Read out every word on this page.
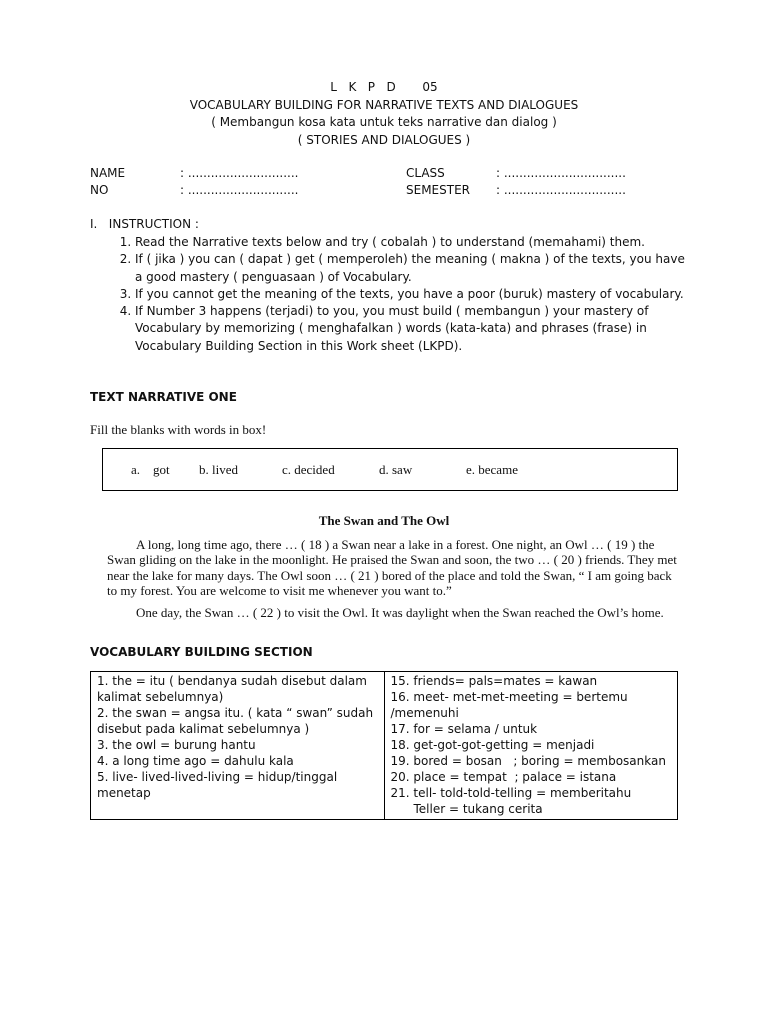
L K P D 05
VOCABULARY BUILDING FOR NARRATIVE TEXTS AND DIALOGUES
( Membangun kosa kata untuk teks narrative dan dialog )
( STORIES AND DIALOGUES )
NAME	: .............................
NO	: .............................
CLASS	: ................................
SEMESTER : ................................
I.   INSTRUCTION :
1. Read the Narrative texts below and try ( cobalah ) to understand (memahami) them.
2. If ( jika ) you can ( dapat ) get ( memperoleh) the meaning ( makna ) of the texts, you have a good mastery ( penguasaan ) of Vocabulary.
3. If you cannot get the meaning of the texts, you have a poor (buruk) mastery of vocabulary.
4. If Number 3 happens (terjadi) to you, you must build ( membangun ) your mastery of Vocabulary by memorizing ( menghafalkan ) words (kata-kata) and phrases (frase) in Vocabulary Building Section in this Work sheet (LKPD).
TEXT NARRATIVE ONE
Fill the blanks with words in box!
a.    got b. lived	c. decided	d. saw	e. became
The Swan and The Owl

A long, long time ago, there … ( 18 ) a Swan near a lake in a forest. One night, an Owl … ( 19 ) the Swan gliding on the lake in the moonlight. He praised the Swan and soon, the two … ( 20 ) friends. They met near the lake for many days. The Owl soon … ( 21 ) bored of the place and told the Swan, “ I am going back to my forest. You are welcome to visit me whenever you want to.”

One day, the Swan … ( 22 ) to visit the Owl. It was daylight when the Swan reached the Owl’s home.

VOCABULARY BUILDING SECTION
1. the = itu ( bendanya sudah disebut dalam kalimat sebelumnya)
2. the swan = angsa itu. ( kata “ swan” sudah disebut pada kalimat sebelumnya )
3. the owl = burung hantu
4. a long time ago = dahulu kala
5. live- lived-lived-living = hidup/tinggal menetap

15. friends= pals=mates = kawan
16. meet- met-met-meeting = bertemu /memenuhi
17. for = selama / untuk
18. get-got-got-getting = menjadi
19. bored = bosan   ; boring = membosankan
20. place = tempat  ; palace = istana
21. tell- told-told-telling = memberitahu
Teller = tukang cerita
